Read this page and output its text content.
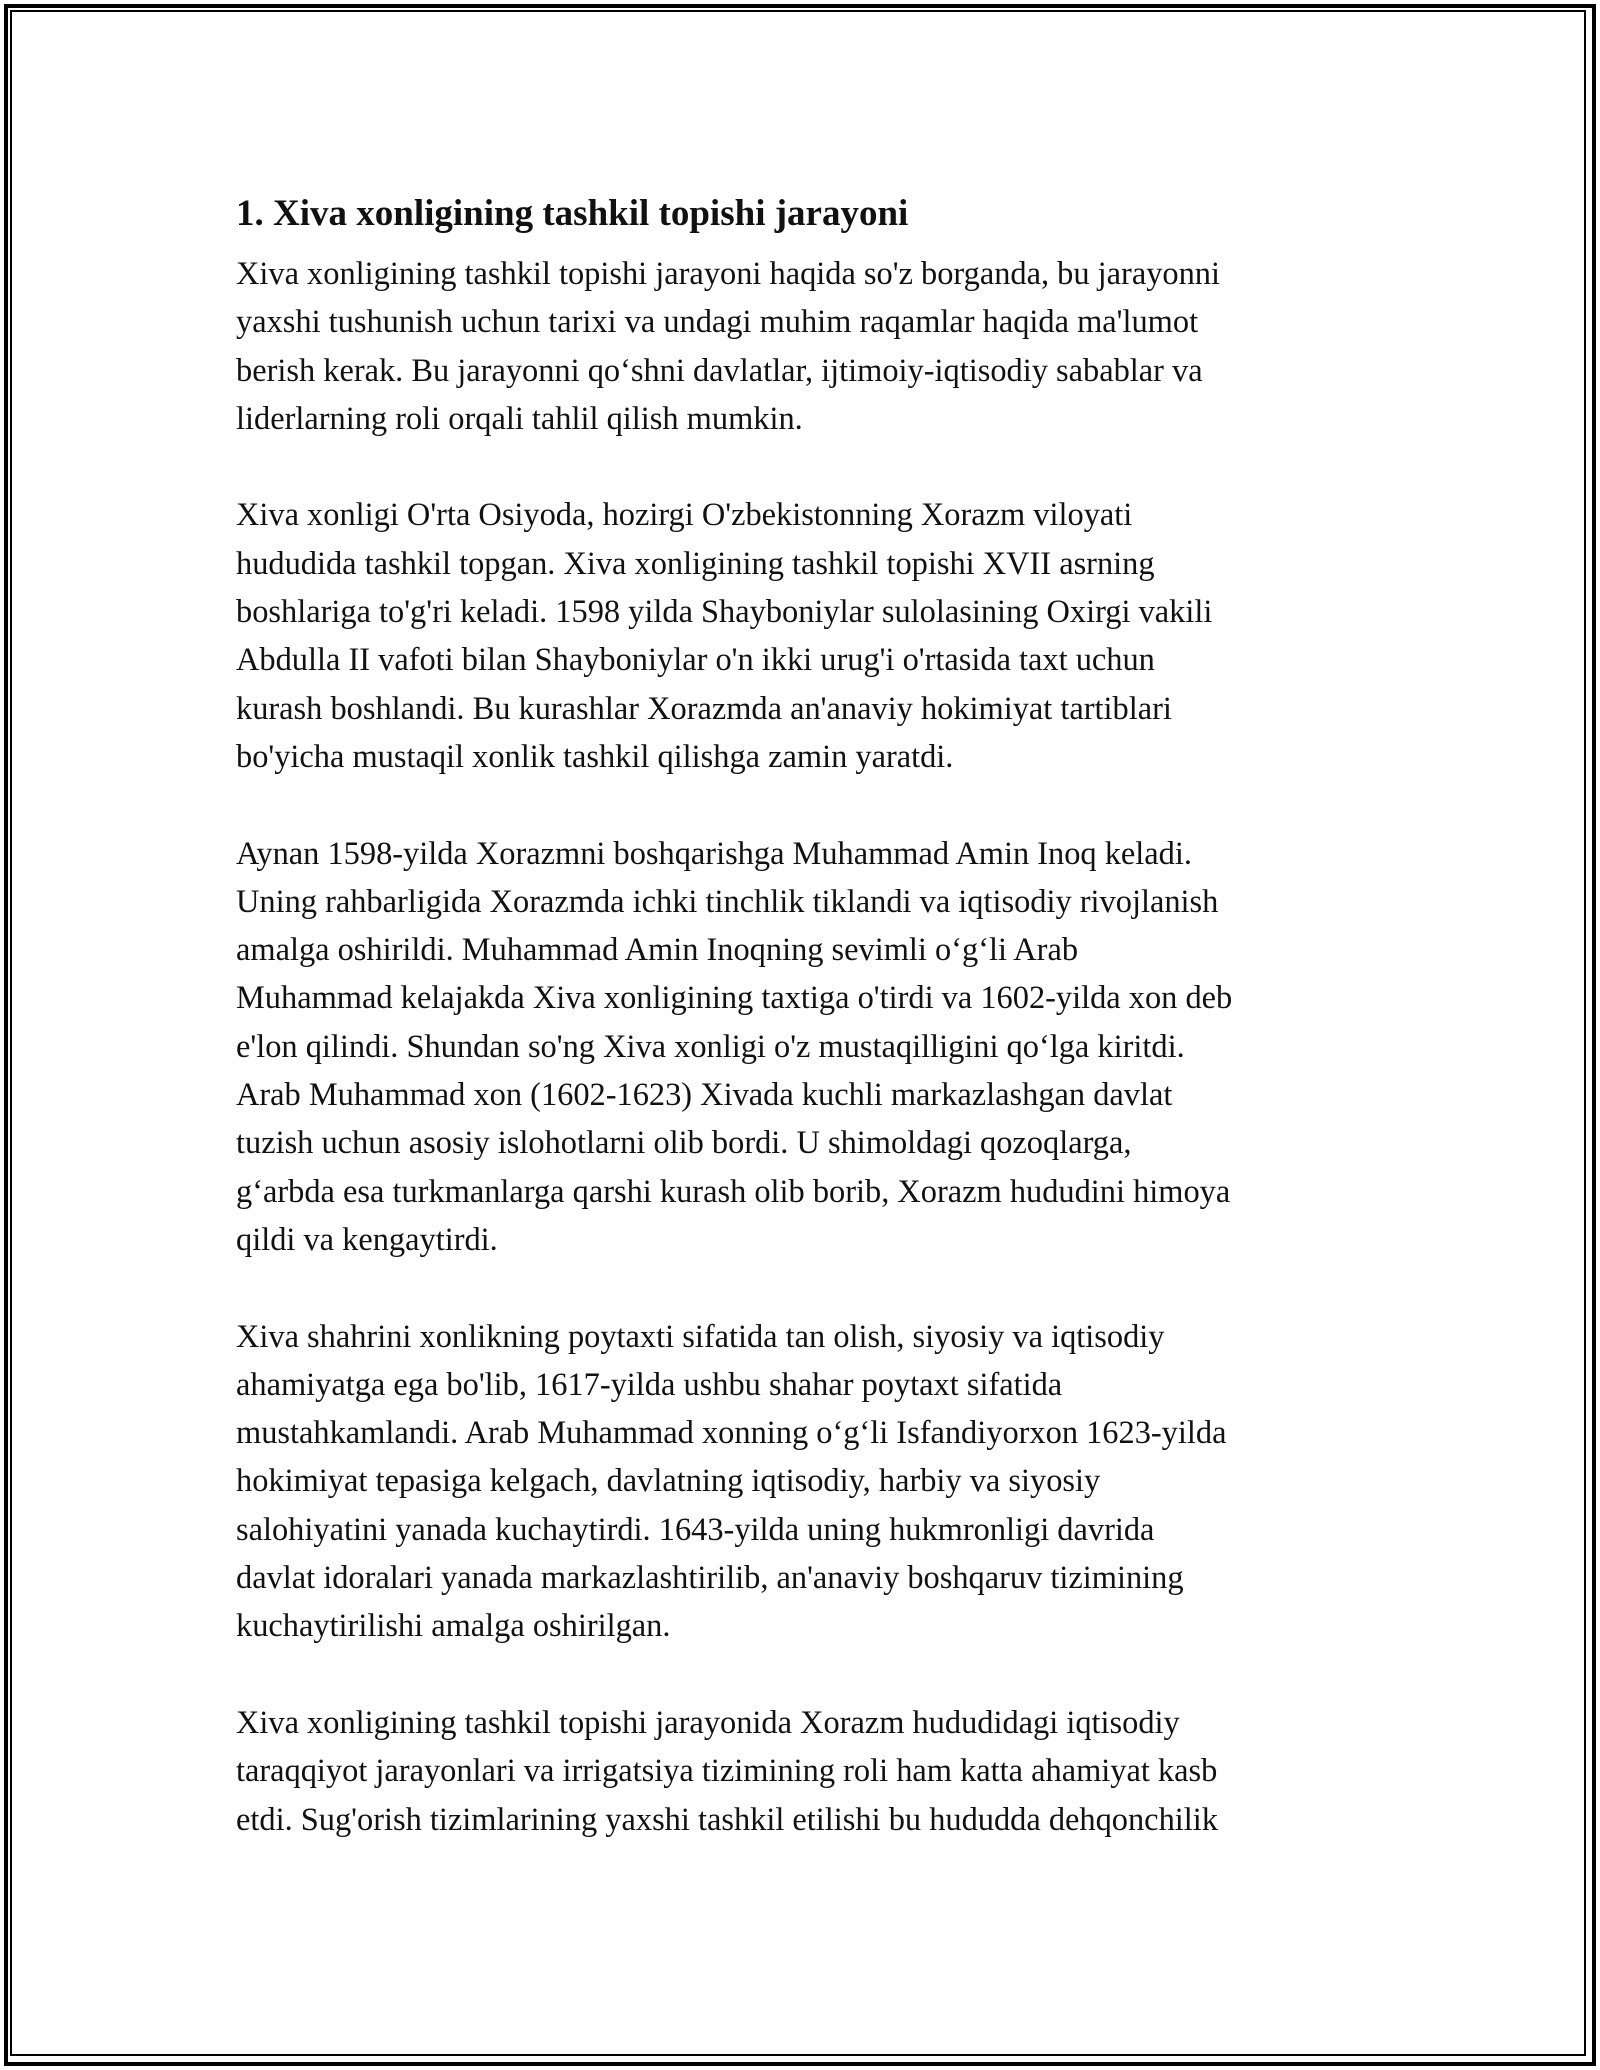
1. Xiva xonligining tashkil topishi jarayoni

Xiva xonligining tashkil topishi jarayoni haqida so'z borganda, bu jarayonni
yaxshi tushunish uchun tarixi va undagi muhim raqamlar haqida ma'lumot
berish kerak. Bu jarayonni qo‘shni davlatlar, ijtimoiy-iqtisodiy sabablar va
liderlarning roli orqali tahlil qilish mumkin.

Xiva xonligi O'rta Osiyoda, hozirgi O'zbekistonning Xorazm viloyati
hududida tashkil topgan. Xiva xonligining tashkil topishi XVII asrning
boshlariga to'g'ri keladi. 1598 yilda Shayboniylar sulolasining Oxirgi vakili
Abdulla II vafoti bilan Shayboniylar o'n ikki urug'i o'rtasida taxt uchun
kurash boshlandi. Bu kurashlar Xorazmda an'anaviy hokimiyat tartiblari
bo'yicha mustaqil xonlik tashkil qilishga zamin yaratdi.

Aynan 1598-yilda Xorazmni boshqarishga Muhammad Amin Inoq keladi.
Uning rahbarligida Xorazmda ichki tinchlik tiklandi va iqtisodiy rivojlanish
amalga oshirildi. Muhammad Amin Inoqning sevimli o‘g‘li Arab
Muhammad kelajakda Xiva xonligining taxtiga o'tirdi va 1602-yilda xon deb
e'lon qilindi. Shundan so'ng Xiva xonligi o'z mustaqilligini qo‘lga kiritdi.
Arab Muhammad xon (1602-1623) Xivada kuchli markazlashgan davlat
tuzish uchun asosiy islohotlarni olib bordi. U shimoldagi qozoqlarga,
g‘arbda esa turkmanlarga qarshi kurash olib borib, Xorazm hududini himoya
qildi va kengaytirdi.

Xiva shahrini xonlikning poytaxti sifatida tan olish, siyosiy va iqtisodiy
ahamiyatga ega bo'lib, 1617-yilda ushbu shahar poytaxt sifatida
mustahkamlandi. Arab Muhammad xonning o‘g‘li Isfandiyorxon 1623-yilda
hokimiyat tepasiga kelgach, davlatning iqtisodiy, harbiy va siyosiy
salohiyatini yanada kuchaytirdi. 1643-yilda uning hukmronligi davrida
davlat idoralari yanada markazlashtirilib, an'anaviy boshqaruv tizimining
kuchaytirilishi amalga oshirilgan.

Xiva xonligining tashkil topishi jarayonida Xorazm hududidagi iqtisodiy
taraqqiyot jarayonlari va irrigatsiya tizimining roli ham katta ahamiyat kasb
etdi. Sug'orish tizimlarining yaxshi tashkil etilishi bu hududda dehqonchilik
